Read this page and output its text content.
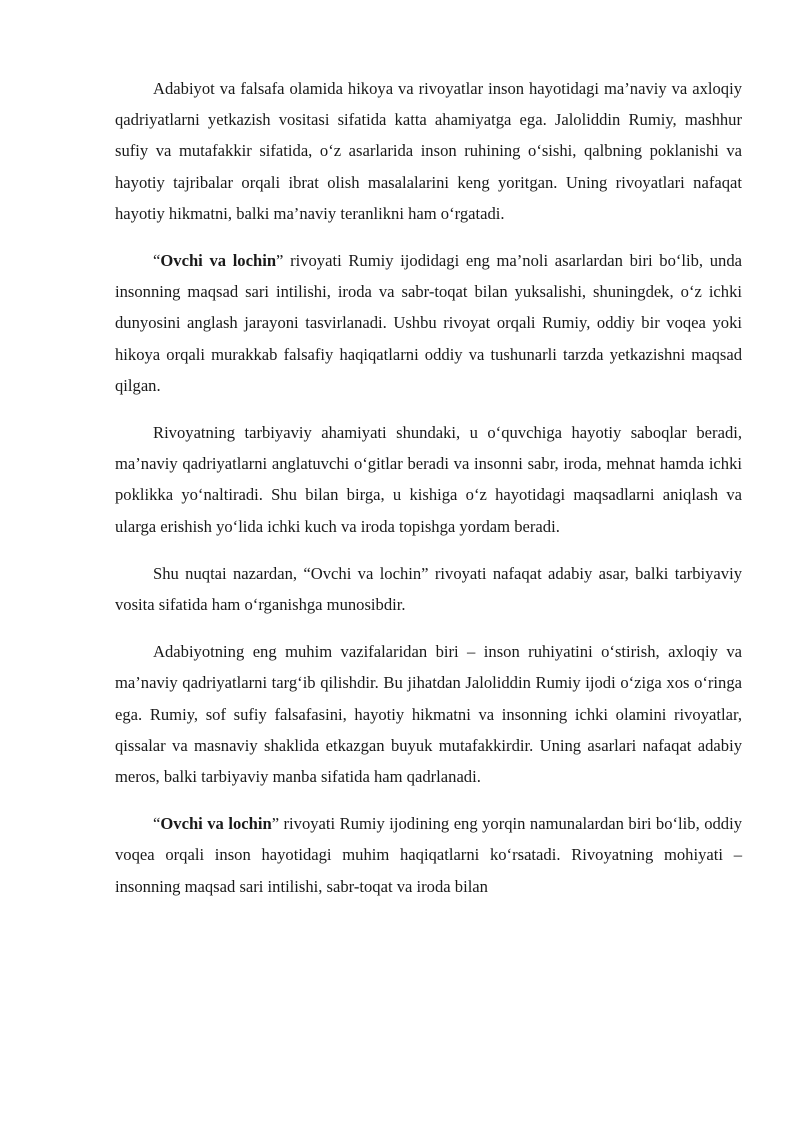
Adabiyot va falsafa olamida hikoya va rivoyatlar inson hayotidagi ma’naviy va axloqiy qadriyatlarni yetkazish vositasi sifatida katta ahamiyatga ega. Jaloliddin Rumiy, mashhur sufiy va mutafakkir sifatida, o‘z asarlarida inson ruhining o‘sishi, qalbning poklanishi va hayotiy tajribalar orqali ibrat olish masalalarini keng yoritgan. Uning rivoyatlari nafaqat hayotiy hikmatni, balki ma’naviy teranlikni ham o‘rgatadi.

“Ovchi va lochin” rivoyati Rumiy ijodidagi eng ma’noli asarlardan biri bo‘lib, unda insonning maqsad sari intilishi, iroda va sabr-toqat bilan yuksalishi, shuningdek, o‘z ichki dunyosini anglash jarayoni tasvirlanadi. Ushbu rivoyat orqali Rumiy, oddiy bir voqea yoki hikoya orqali murakkab falsafiy haqiqatlarni oddiy va tushunarli tarzda yetkazishni maqsad qilgan.

Rivoyatning tarbiyaviy ahamiyati shundaki, u o‘quvchiga hayotiy saboqlar beradi, ma’naviy qadriyatlarni anglatuvchi o‘gitlar beradi va insonni sabr, iroda, mehnat hamda ichki poklikka yo‘naltiradi. Shu bilan birga, u kishiga o‘z hayotidagi maqsadlarni aniqlash va ularga erishish yo‘lida ichki kuch va iroda topishga yordam beradi.

Shu nuqtai nazardan, “Ovchi va lochin” rivoyati nafaqat adabiy asar, balki tarbiyaviy vosita sifatida ham o‘rganishga munosibdir.

Adabiyotning eng muhim vazifalaridan biri – inson ruhiyatini o‘stirish, axloqiy va ma’naviy qadriyatlarni targ‘ib qilishdir. Bu jihatdan Jaloliddin Rumiy ijodi o‘ziga xos o‘ringa ega. Rumiy, sof sufiy falsafasini, hayotiy hikmatni va insonning ichki olamini rivoyatlar, qissalar va masnaviy shaklida etkazgan buyuk mutafakkirdir. Uning asarlari nafaqat adabiy meros, balki tarbiyaviy manba sifatida ham qadrlanadi.

“Ovchi va lochin” rivoyati Rumiy ijodining eng yorqin namunalardan biri bo‘lib, oddiy voqea orqali inson hayotidagi muhim haqiqatlarni ko‘rsatadi. Rivoyatning mohiyati – insonning maqsad sari intilishi, sabr-toqat va iroda bilan
